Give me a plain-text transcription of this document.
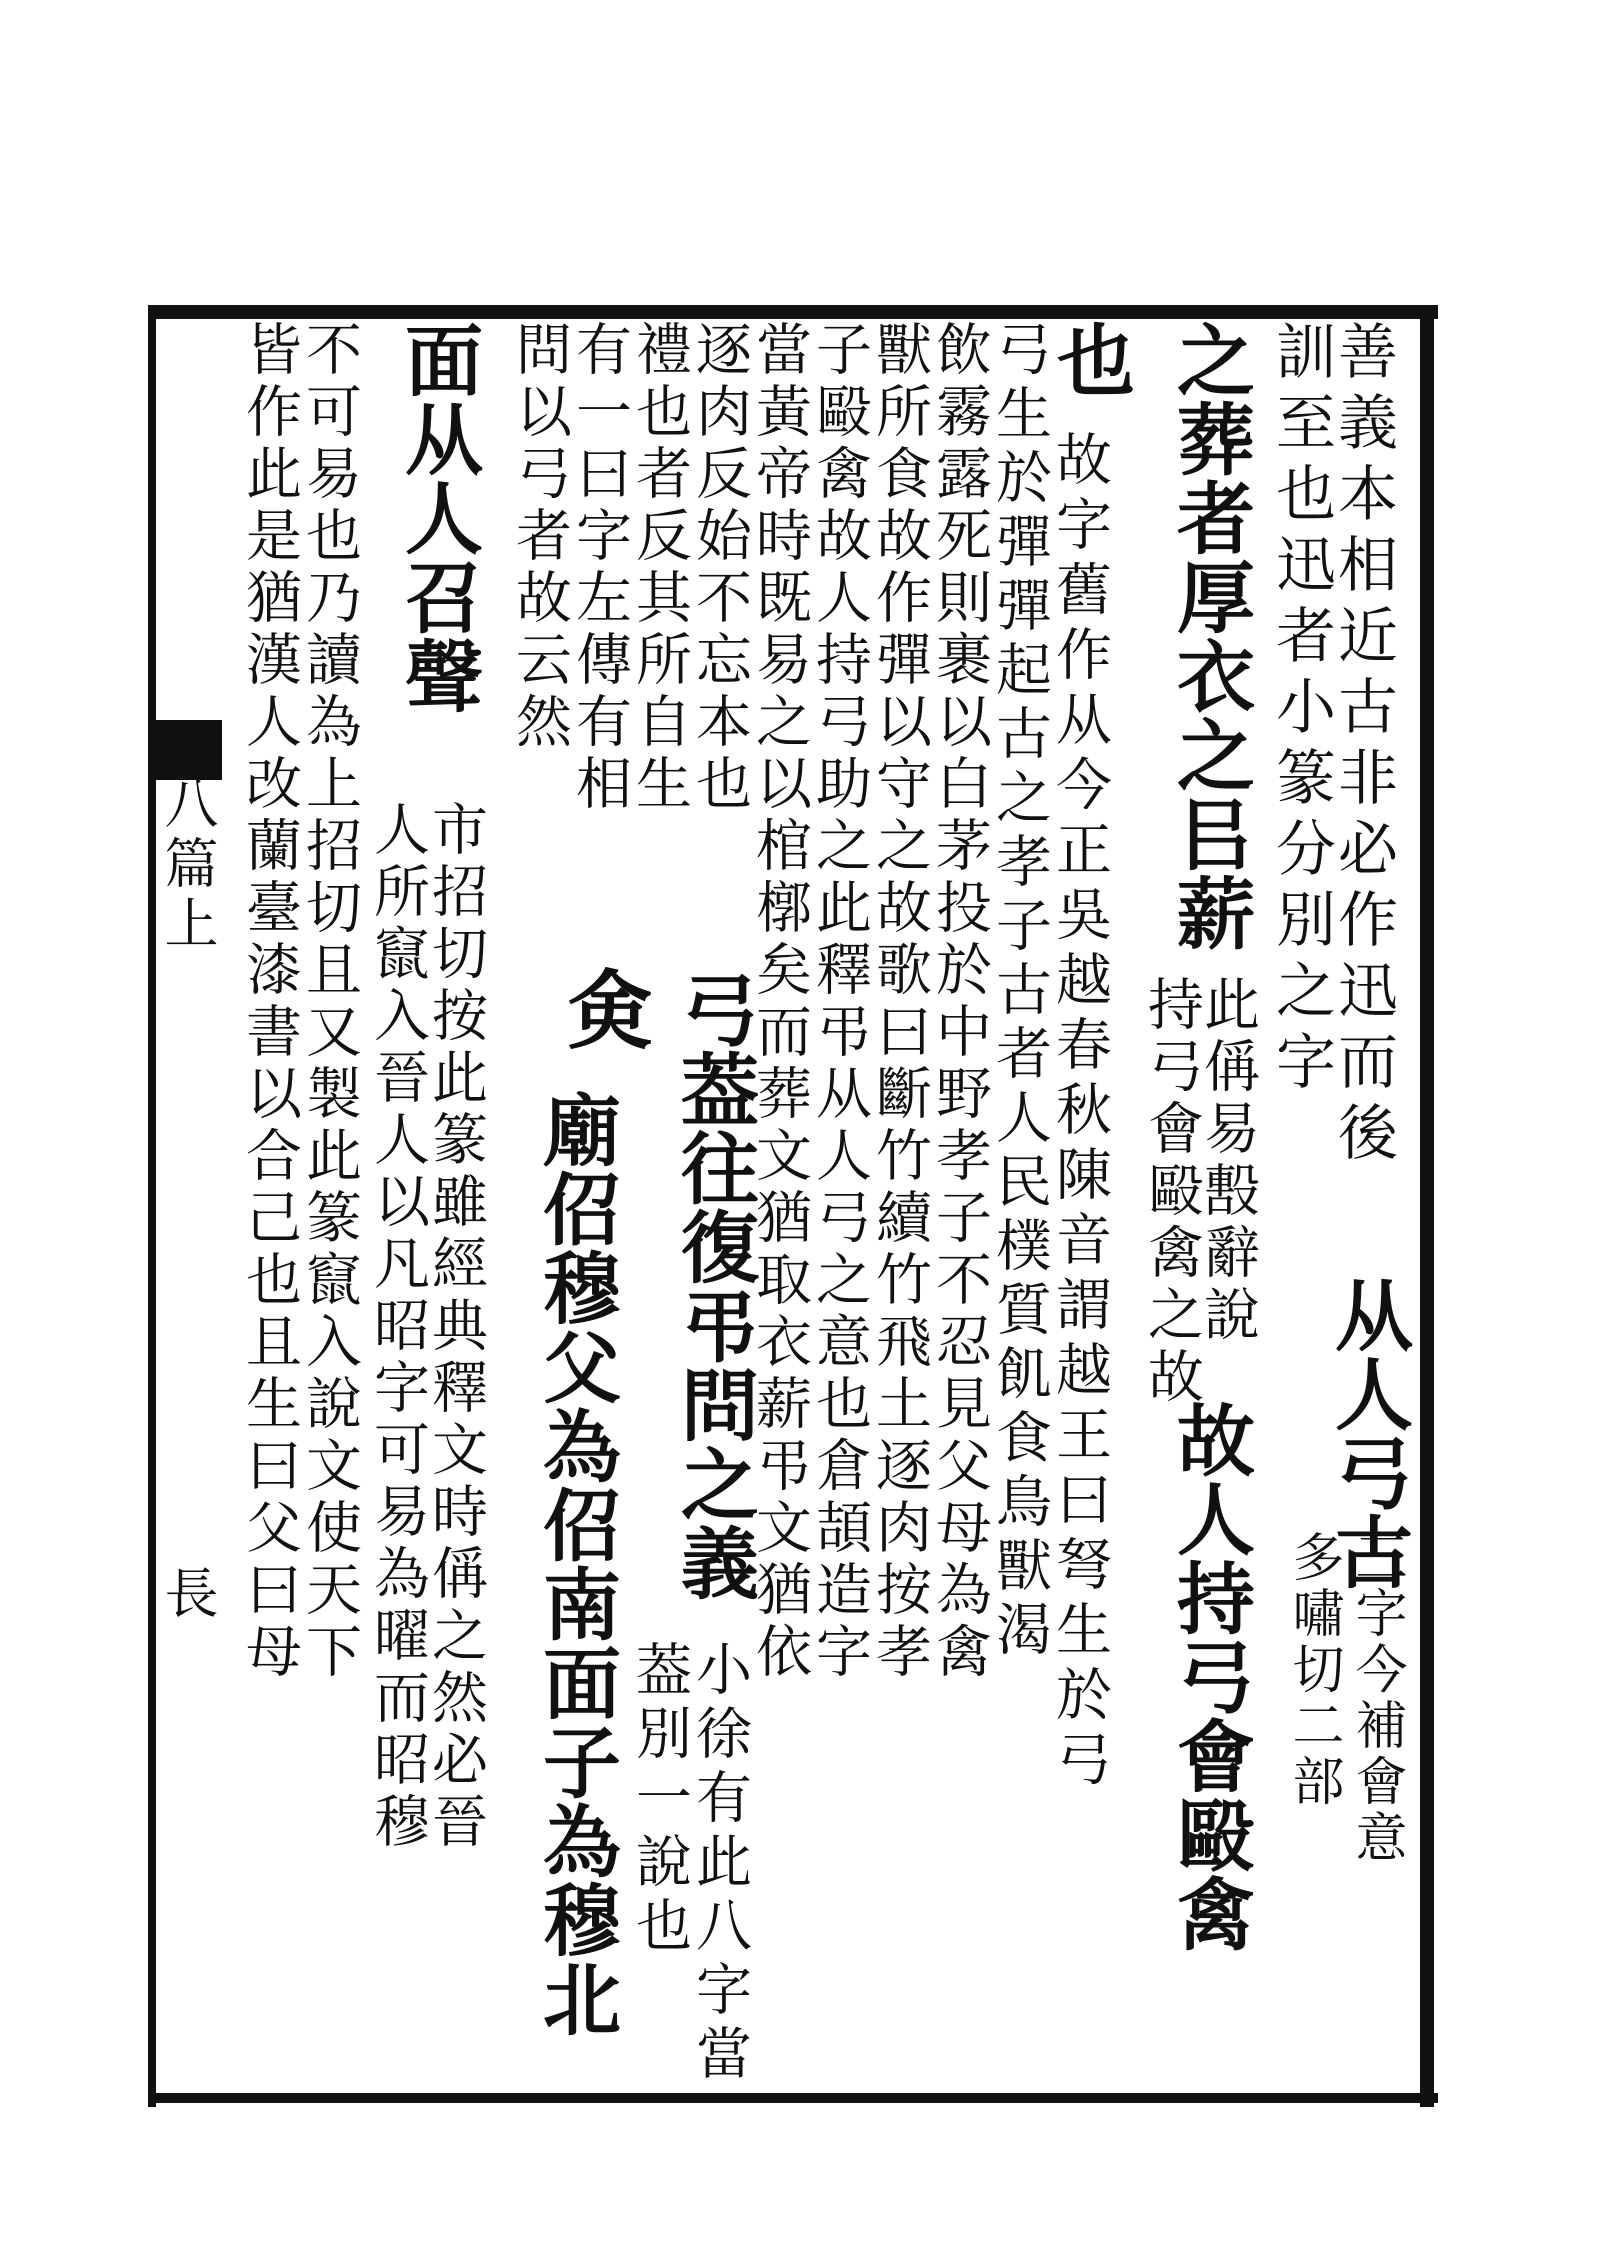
八篇上
長
善義本相近古非必作迅而後
訓至也迅者小篆分別之字
从人弓古
三字今補會意
多嘯切二部
之葬者厚衣之㠯薪
此偁易毄辭說
持弓會毆禽之故
故人持弓會毆禽
也
故字舊作从今正吳越春秋陳音謂越王曰弩生於弓
弓生於彈彈起古之孝子古者人民樸質飢食鳥獸渴
飲霧露死則裹以白茅投於中野孝子不忍見父母為禽
獸所食故作彈以守之故歌曰斷竹續竹飛土逐肉按孝
子毆禽故人持弓助之此釋弔从人弓之意也倉頡造字
當黃帝時既易之以棺槨矣而葬文猶取衣薪弔文猶依
逐肉反始不忘本也
弓葢往復弔問之義
小徐有此八字當
禮也者反其所自生
葢別一說也
有一曰字左傳有相
㑒
廟佋穆父為佋南面子為穆北
問以弓者故云然
面从人召聲
市招切按此篆雖經典釋文時偁之然必晉
人所竄入晉人以凡昭字可易為曜而昭穆
不可易也乃讀為上招切且又製此篆竄入說文使天下
皆作此是猶漢人改蘭臺漆書以合己也且生曰父曰母
